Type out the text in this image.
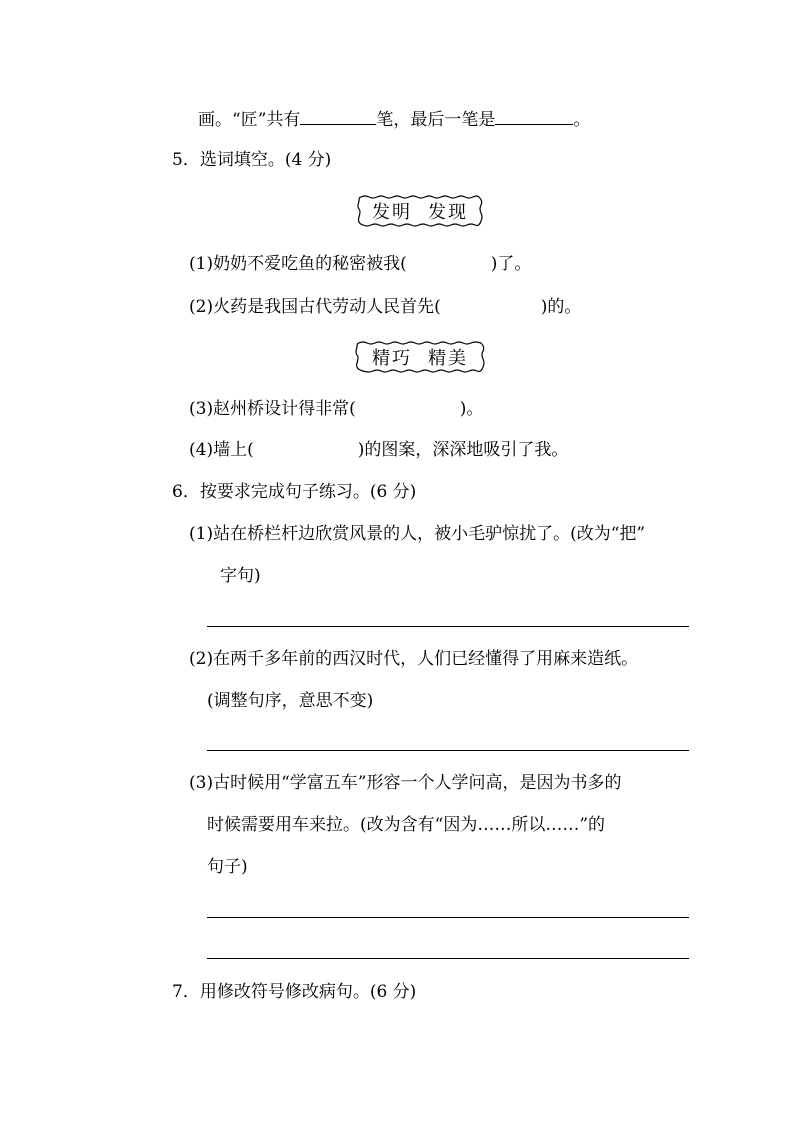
画。“匠”共有	笔，最后一笔是	。
5．选词填空。(4 分)
发明 发现
(1)奶奶不爱吃鱼的秘密被我(	)了。
(2)火药是我国古代劳动人民首先(	)的。
精巧 精美
(3)赵州桥设计得非常(	)。
(4)墙上(	)的图案，深深地吸引了我。
6．按要求完成句子练习。(6 分)
(1)站在桥栏杆边欣赏风景的人，被小毛驴惊扰了。(改为“把”
字句)
(2)在两千多年前的西汉时代，人们已经懂得了用麻来造纸。
(调整句序，意思不变)
(3)古时候用“学富五车”形容一个人学问高，是因为书多的
时候需要用车来拉。(改为含有“因为……所以……”的
句子)
7．用修改符号修改病句。(6 分)
